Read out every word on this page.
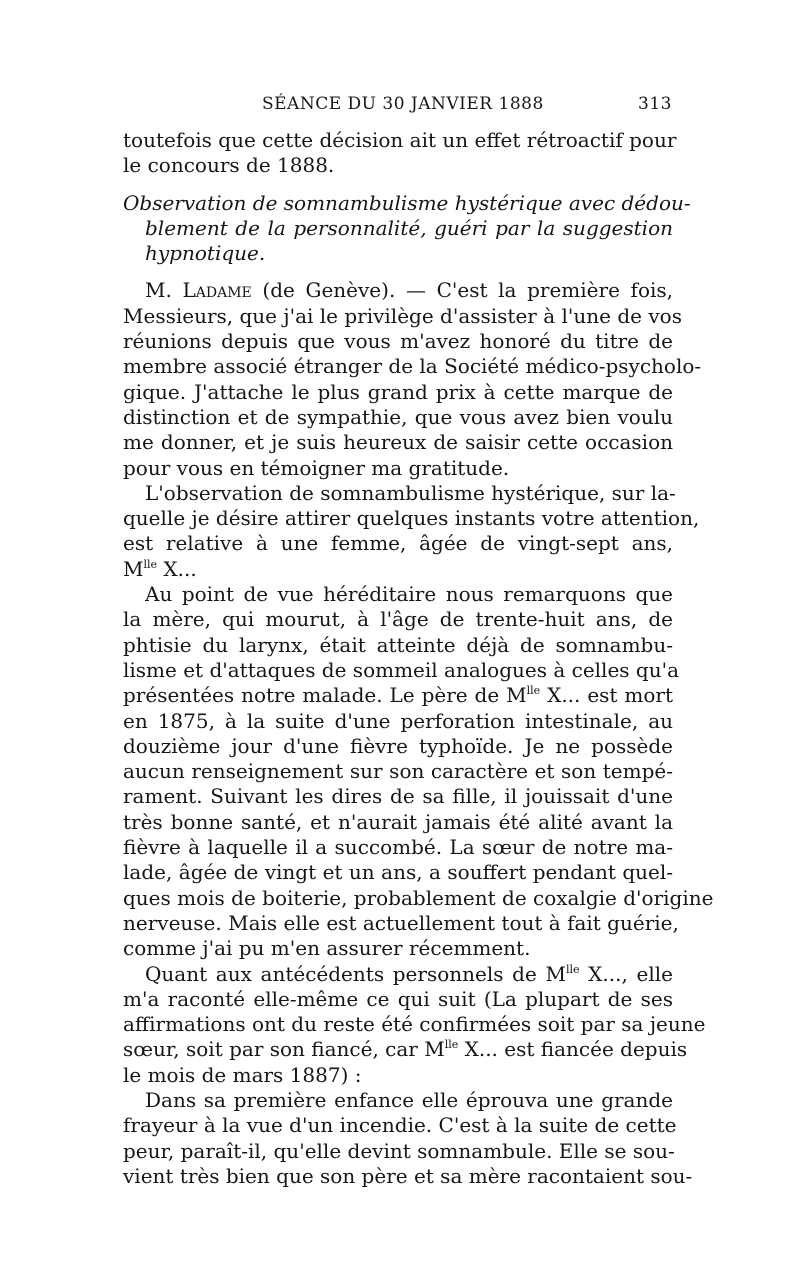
SÉANCE DU 30 JANVIER 1888	313
toutefois que cette décision ait un effet rétroactif pour
le concours de 1888.
Observation de somnambulisme hystérique avec dédou-
blement de la personnalité, guéri par la suggestion
hypnotique.
M. Ladame (de Genève). — C'est la première fois,
Messieurs, que j'ai le privilège d'assister à l'une de vos
réunions depuis que vous m'avez honoré du titre de
membre associé étranger de la Société médico-psycholo-
gique. J'attache le plus grand prix à cette marque de
distinction et de sympathie, que vous avez bien voulu
me donner, et je suis heureux de saisir cette occasion
pour vous en témoigner ma gratitude.
L'observation de somnambulisme hystérique, sur la-
quelle je désire attirer quelques instants votre attention,
est relative à une femme, âgée de vingt-sept ans,
$M^{lle}$ X...
Au point de vue héréditaire nous remarquons que
la mère, qui mourut, à l'âge de trente-huit ans, de
phtisie du larynx, était atteinte déjà de somnambu-
lisme et d'attaques de sommeil analogues à celles qu'a
présentées notre malade. Le père de $M^{lle}$ X... est mort
en 1875, à la suite d'une perforation intestinale, au
douzième jour d'une fièvre typhoïde. Je ne possède
aucun renseignement sur son caractère et son tempé-
rament. Suivant les dires de sa fille, il jouissait d'une
très bonne santé, et n'aurait jamais été alité avant la
fièvre à laquelle il a succombé. La sœur de notre ma-
lade, âgée de vingt et un ans, a souffert pendant quel-
ques mois de boiterie, probablement de coxalgie d'origine
nerveuse. Mais elle est actuellement tout à fait guérie,
comme j'ai pu m'en assurer récemment.
Quant aux antécédents personnels de $M^{lle}$ X..., elle
m'a raconté elle-même ce qui suit (La plupart de ses
affirmations ont du reste été confirmées soit par sa jeune
sœur, soit par son fiancé, car $M^{lle}$ X... est fiancée depuis
le mois de mars 1887) :
Dans sa première enfance elle éprouva une grande
frayeur à la vue d'un incendie. C'est à la suite de cette
peur, paraît-il, qu'elle devint somnambule. Elle se sou-
vient très bien que son père et sa mère racontaient sou-
